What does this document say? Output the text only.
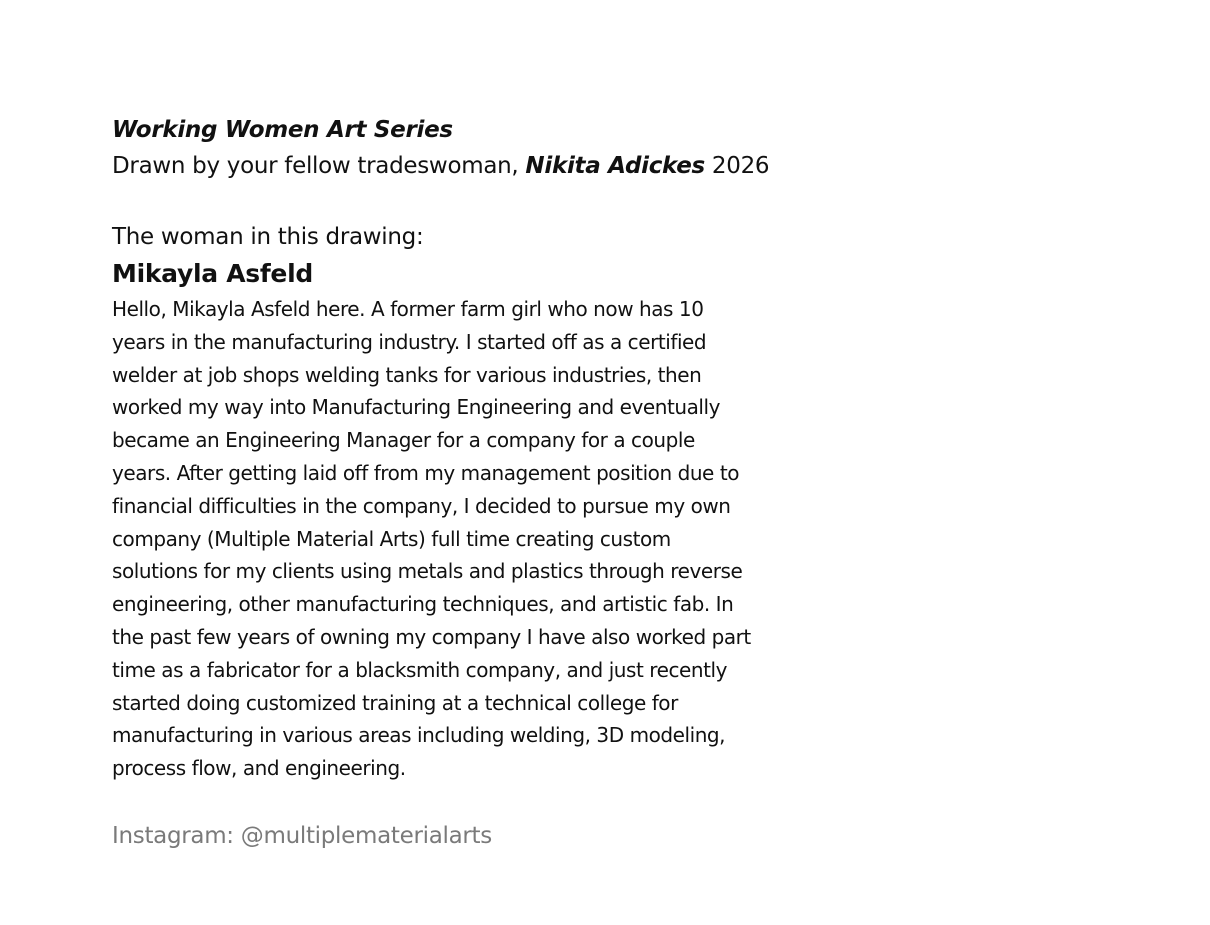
Working Women Art Series

Drawn by your fellow tradeswoman, Nikita Adickes 2026

The woman in this drawing:

Mikayla Asfeld

Hello, Mikayla Asfeld here. A former farm girl who now has 10
years in the manufacturing industry. I started off as a certified
welder at job shops welding tanks for various industries, then
worked my way into Manufacturing Engineering and eventually
became an Engineering Manager for a company for a couple
years. After getting laid off from my management position due to
financial difficulties in the company, I decided to pursue my own
company (Multiple Material Arts) full time creating custom
solutions for my clients using metals and plastics through reverse
engineering, other manufacturing techniques, and artistic fab. In
the past few years of owning my company I have also worked part
time as a fabricator for a blacksmith company, and just recently
started doing customized training at a technical college for
manufacturing in various areas including welding, 3D modeling,
process flow, and engineering.

Instagram: @multiplematerialarts
